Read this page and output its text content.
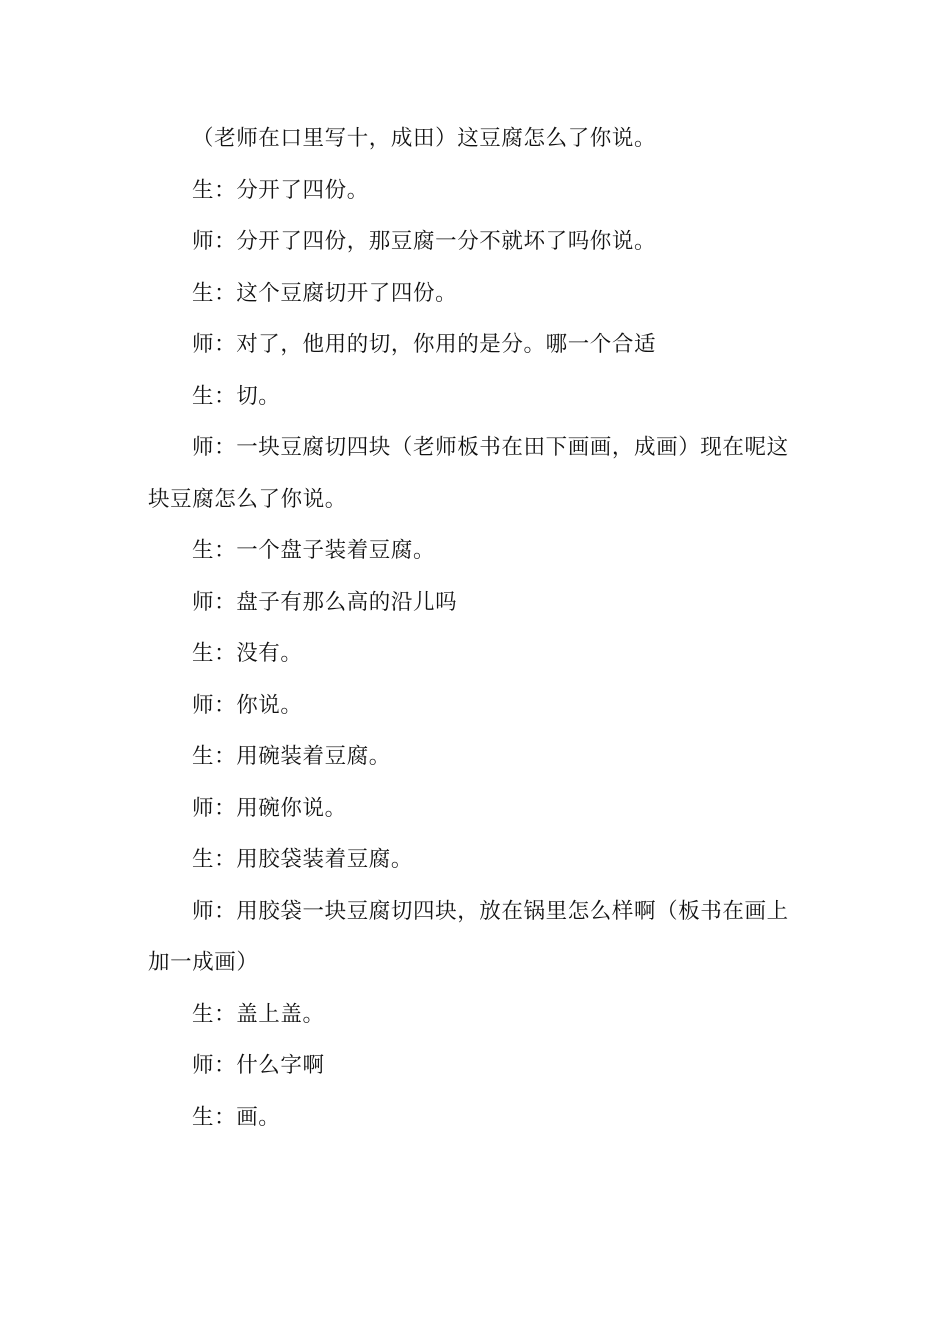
（老师在口里写十，成田）这豆腐怎么了你说。

生：分开了四份。

师：分开了四份，那豆腐一分不就坏了吗你说。

生：这个豆腐切开了四份。

师：对了，他用的切，你用的是分。哪一个合适

生：切。

师：一块豆腐切四块（老师板书在田下画画，成画）现在呢这块豆腐怎么了你说。

生：一个盘子装着豆腐。

师：盘子有那么高的沿儿吗

生：没有。

师：你说。

生：用碗装着豆腐。

师：用碗你说。

生：用胶袋装着豆腐。

师：用胶袋一块豆腐切四块，放在锅里怎么样啊（板书在画上加一成画）

生：盖上盖。

师：什么字啊

生：画。
